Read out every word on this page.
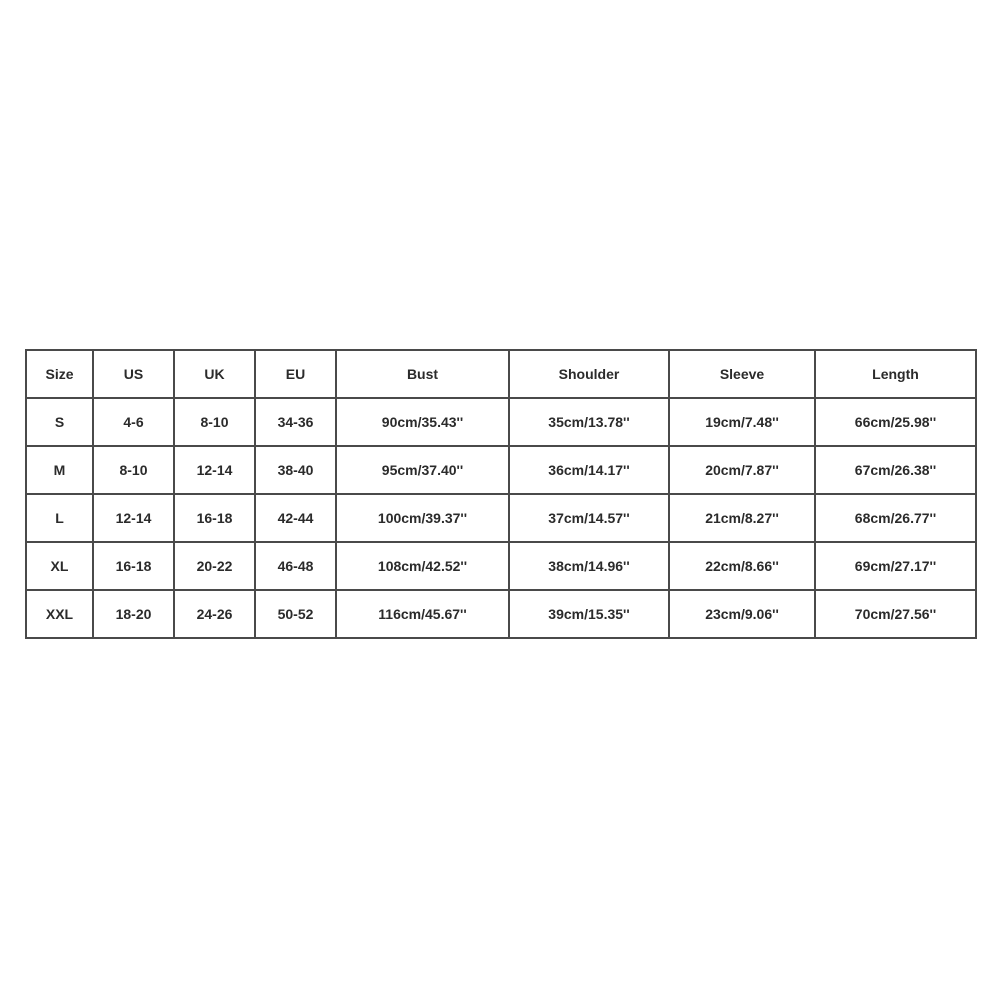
Size	US	UK	EU	Bust	Shoulder	Sleeve	Length
S	4-6	8-10	34-36	90cm/35.43''	35cm/13.78''	19cm/7.48''	66cm/25.98''
M	8-10	12-14	38-40	95cm/37.40''	36cm/14.17''	20cm/7.87''	67cm/26.38''
L	12-14	16-18	42-44	100cm/39.37''	37cm/14.57''	21cm/8.27''	68cm/26.77''
XL	16-18	20-22	46-48	108cm/42.52''	38cm/14.96''	22cm/8.66''	69cm/27.17''
XXL	18-20	24-26	50-52	116cm/45.67''	39cm/15.35''	23cm/9.06''	70cm/27.56''
